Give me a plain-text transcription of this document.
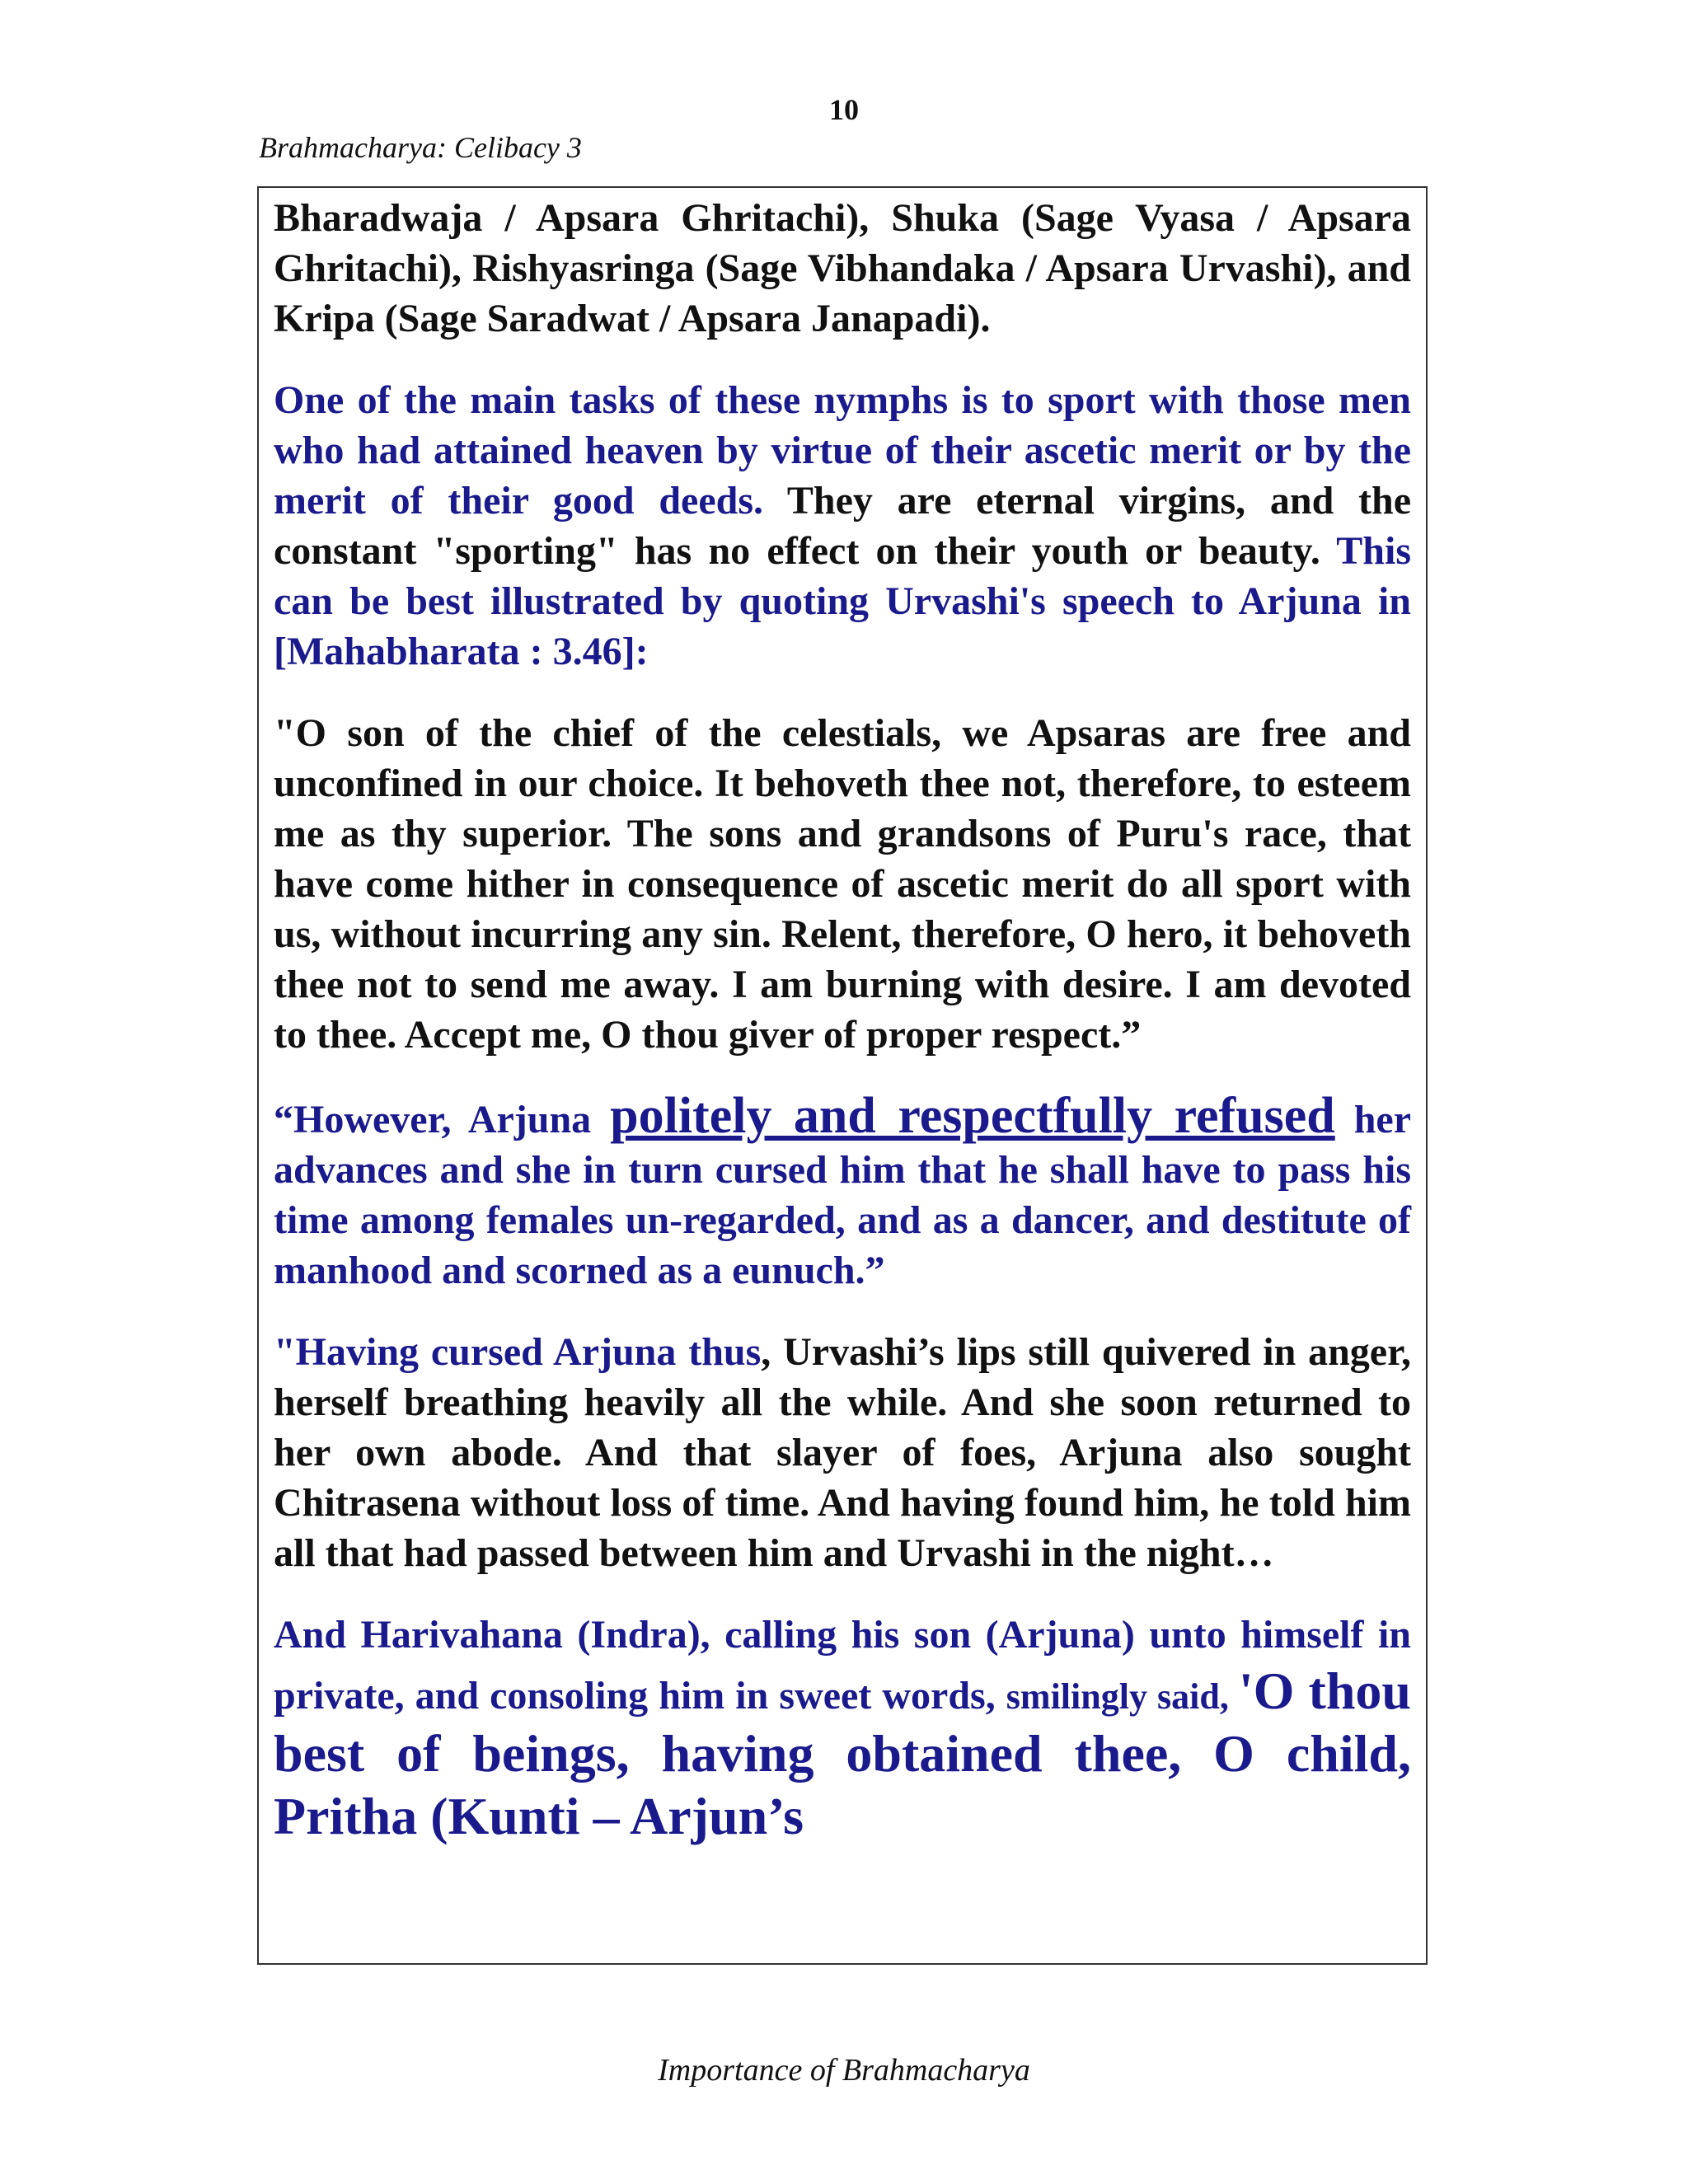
10
Brahmacharya: Celibacy 3

Bharadwaja / Apsara Ghritachi), Shuka (Sage Vyasa / Apsara Ghritachi), Rishyasringa (Sage Vibhandaka / Apsara Urvashi), and Kripa (Sage Saradwat / Apsara Janapadi).

One of the main tasks of these nymphs is to sport with those men who had attained heaven by virtue of their ascetic merit or by the merit of their good deeds. They are eternal virgins, and the constant "sporting" has no effect on their youth or beauty. This can be best illustrated by quoting Urvashi's speech to Arjuna in [Mahabharata : 3.46]:

"O son of the chief of the celestials, we Apsaras are free and unconfined in our choice. It behoveth thee not, therefore, to esteem me as thy superior. The sons and grandsons of Puru's race, that have come hither in consequence of ascetic merit do all sport with us, without incurring any sin. Relent, therefore, O hero, it behoveth thee not to send me away. I am burning with desire. I am devoted to thee. Accept me, O thou giver of proper respect.”

“However, Arjuna politely and respectfully refused her advances and she in turn cursed him that he shall have to pass his time among females un-regarded, and as a dancer, and destitute of manhood and scorned as a eunuch.”

"Having cursed Arjuna thus, Urvashi’s lips still quivered in anger, herself breathing heavily all the while. And she soon returned to her own abode. And that slayer of foes, Arjuna also sought Chitrasena without loss of time. And having found him, he told him all that had passed between him and Urvashi in the night…

And Harivahana (Indra), calling his son (Arjuna) unto himself in private, and consoling him in sweet words, smilingly said, 'O thou best of beings, having obtained thee, O child, Pritha (Kunti – Arjun’s

Importance of Brahmacharya
